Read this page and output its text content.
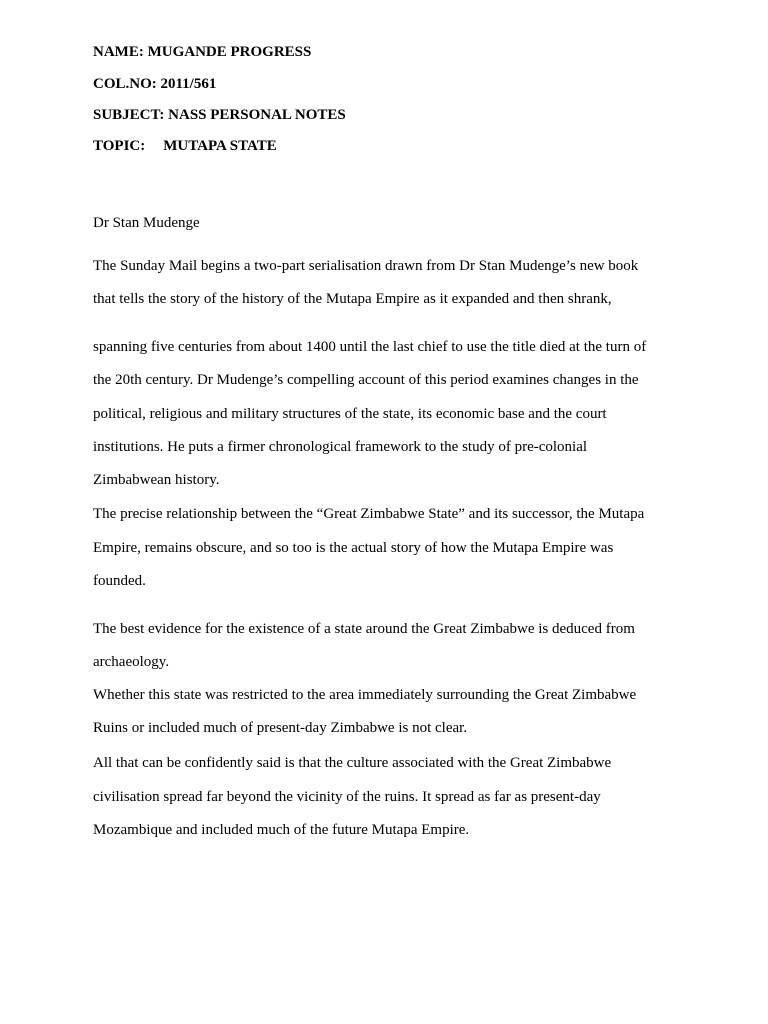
NAME: MUGANDE PROGRESS
COL.NO: 2011/561
SUBJECT: NASS PERSONAL NOTES
TOPIC: MUTAPA STATE
Dr Stan Mudenge
The Sunday Mail begins a two-part serialisation drawn from Dr Stan Mudenge’s new book
that tells the story of the history of the Mutapa Empire as it expanded and then shrank,
spanning five centuries from about 1400 until the last chief to use the title died at the turn of
the 20th century. Dr Mudenge’s compelling account of this period examines changes in the
political, religious and military structures of the state, its economic base and the court
institutions. He puts a firmer chronological framework to the study of pre-colonial
Zimbabwean history.
The precise relationship between the “Great Zimbabwe State” and its successor, the Mutapa
Empire, remains obscure, and so too is the actual story of how the Mutapa Empire was
founded.
The best evidence for the existence of a state around the Great Zimbabwe is deduced from
archaeology.
Whether this state was restricted to the area immediately surrounding the Great Zimbabwe
Ruins or included much of present-day Zimbabwe is not clear.
All that can be confidently said is that the culture associated with the Great Zimbabwe
civilisation spread far beyond the vicinity of the ruins. It spread as far as present-day
Mozambique and included much of the future Mutapa Empire.
